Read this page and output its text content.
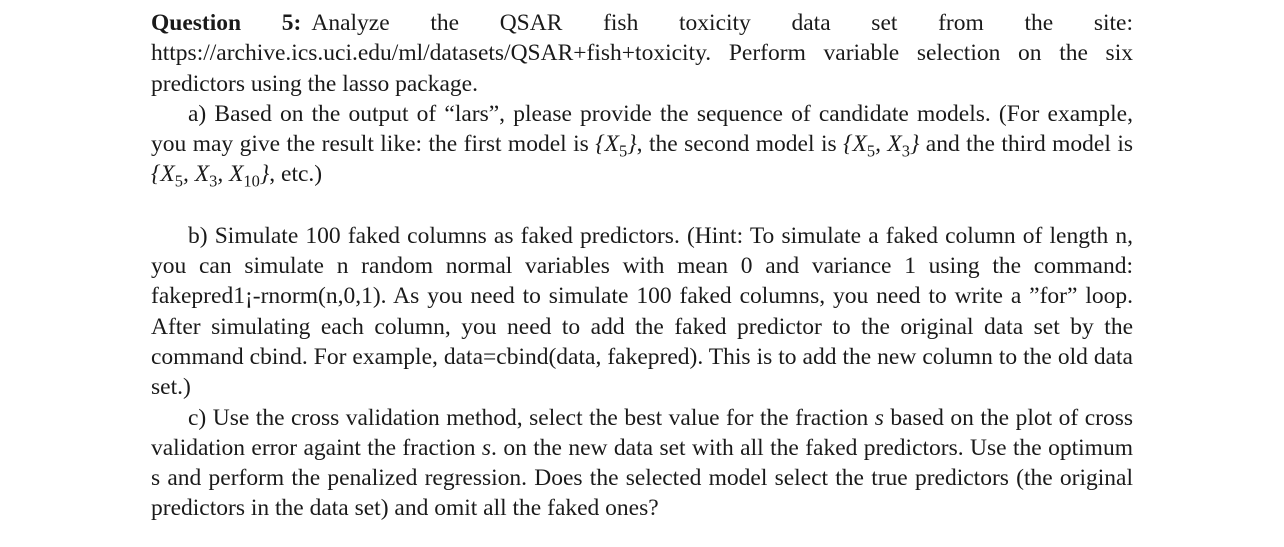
Question 5: Analyze the QSAR fish toxicity data set from the site: https://archive.ics.uci.edu/ml/datasets/QSAR+fish+toxicity. Perform variable selection on the six predictors using the lasso package.

a) Based on the output of “lars”, please provide the sequence of candidate models. (For example, you may give the result like: the first model is $\{X_5\}$, the second model is {$X_5$, $X_3$} and the third model is {$X_5$, $X_3$, $X_{10}$}, etc.)

b) Simulate 100 faked columns as faked predictors. (Hint: To simulate a faked column of length n, you can simulate n random normal variables with mean 0 and variance 1 using the command: fakepred1¡-rnorm(n,0,1). As you need to simulate 100 faked columns, you need to write a ”for” loop. After simulating each column, you need to add the faked predictor to the original data set by the command cbind. For example, data=cbind(data, fakepred). This is to add the new column to the old data set.)

c) Use the cross validation method, select the best value for the fraction s based on the plot of cross validation error againt the fraction s. on the new data set with all the faked predictors. Use the optimum s and perform the penalized regression. Does the selected model select the true predictors (the original predictors in the data set) and omit all the faked ones?
